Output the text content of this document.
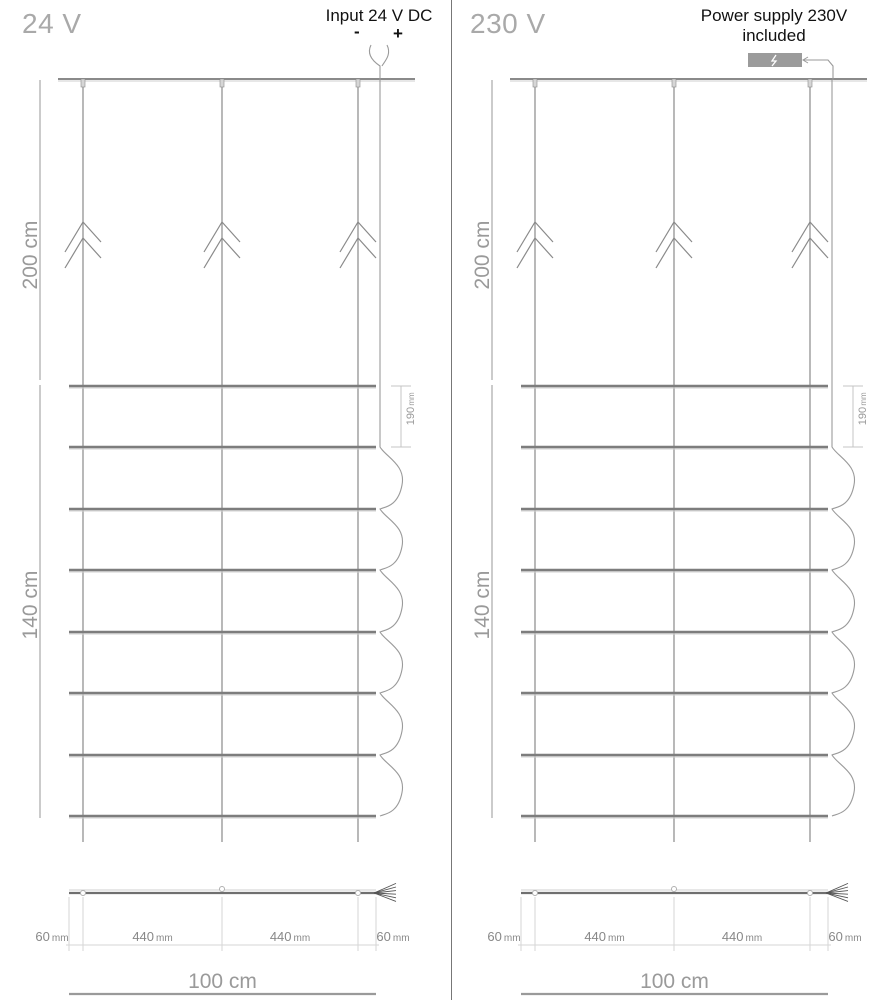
24 V	230 V
Input 24 V DC
- +
Power supply 230V
included
200 cm
140 cm
190
mm
60 mm	440 mm	440 mm	60 mm
100 cm
200 cm
140 cm
190
mm
60 mm	440 mm	440 mm	60 mm
100 cm
